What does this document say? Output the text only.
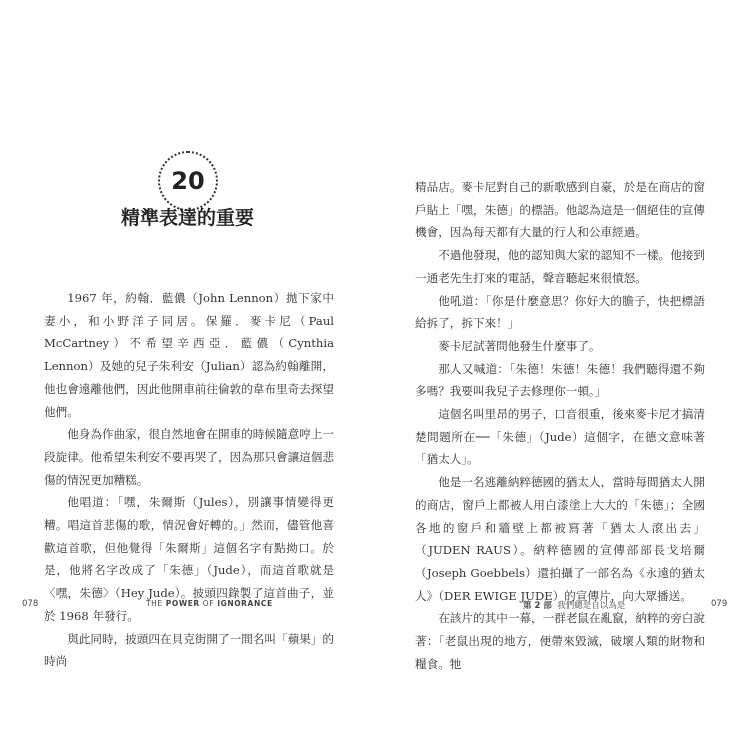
20
精準表達的重要

1967 年，約翰．藍儂（John Lennon）拋下家中妻小，和小野洋子同居。保羅．麥卡尼（Paul McCartney）不希望辛西亞．藍儂（Cynthia Lennon）及她的兒子朱利安（Julian）認為約翰離開，他也會遠離他們，因此他開車前往倫敦的韋布里奇去探望他們。

他身為作曲家，很自然地會在開車的時候隨意哼上一段旋律。他希望朱利安不要再哭了，因為那只會讓這個悲傷的情況更加糟糕。

他唱道：「嘿，朱爾斯（Jules），別讓事情變得更糟。唱這首悲傷的歌，情況會好轉的。」然而，儘管他喜歡這首歌，但他覺得「朱爾斯」這個名字有點拗口。於是，他將名字改成了「朱德」（Jude），而這首歌就是〈嘿，朱德〉（Hey Jude）。披頭四錄製了這首曲子，並於 1968 年發行。

與此同時，披頭四在貝克街開了一間名叫「蘋果」的時尚

078	THE POWER OF IGNORANCE

精品店。麥卡尼對自己的新歌感到自豪，於是在商店的窗戶貼上「嘿，朱德」的標語。他認為這是一個絕佳的宣傳機會，因為每天都有大量的行人和公車經過。

不過他發現，他的認知與大家的認知不一樣。他接到一通老先生打來的電話，聲音聽起來很憤怒。

他吼道：「你是什麼意思？你好大的膽子，快把標語給拆了，拆下來！」

麥卡尼試著問他發生什麼事了。

那人又喊道：「朱德！朱德！朱德！我們聽得還不夠多嗎？我要叫我兒子去修理你一頓。」

這個名叫里昂的男子，口音很重，後來麥卡尼才搞清楚問題所在──「朱德」（Jude）這個字，在德文意味著「猶太人」。

他是一名逃離納粹德國的猶太人，當時每間猶太人開的商店，窗戶上都被人用白漆塗上大大的「朱德」；全國各地的窗戶和牆壁上都被寫著「猶太人滾出去」（JUDEN RAUS）。納粹德國的宣傳部部長戈培爾（Joseph Goebbels）還拍攝了一部名為《永遠的猶太人》（DER EWIGE JUDE）的宣傳片，向大眾播送。

在該片的其中一幕，一群老鼠在亂竄，納粹的旁白說著：「老鼠出現的地方，便帶來毀滅，破壞人類的財物和糧食。牠

第 2 部 我們總是自以為是	079
